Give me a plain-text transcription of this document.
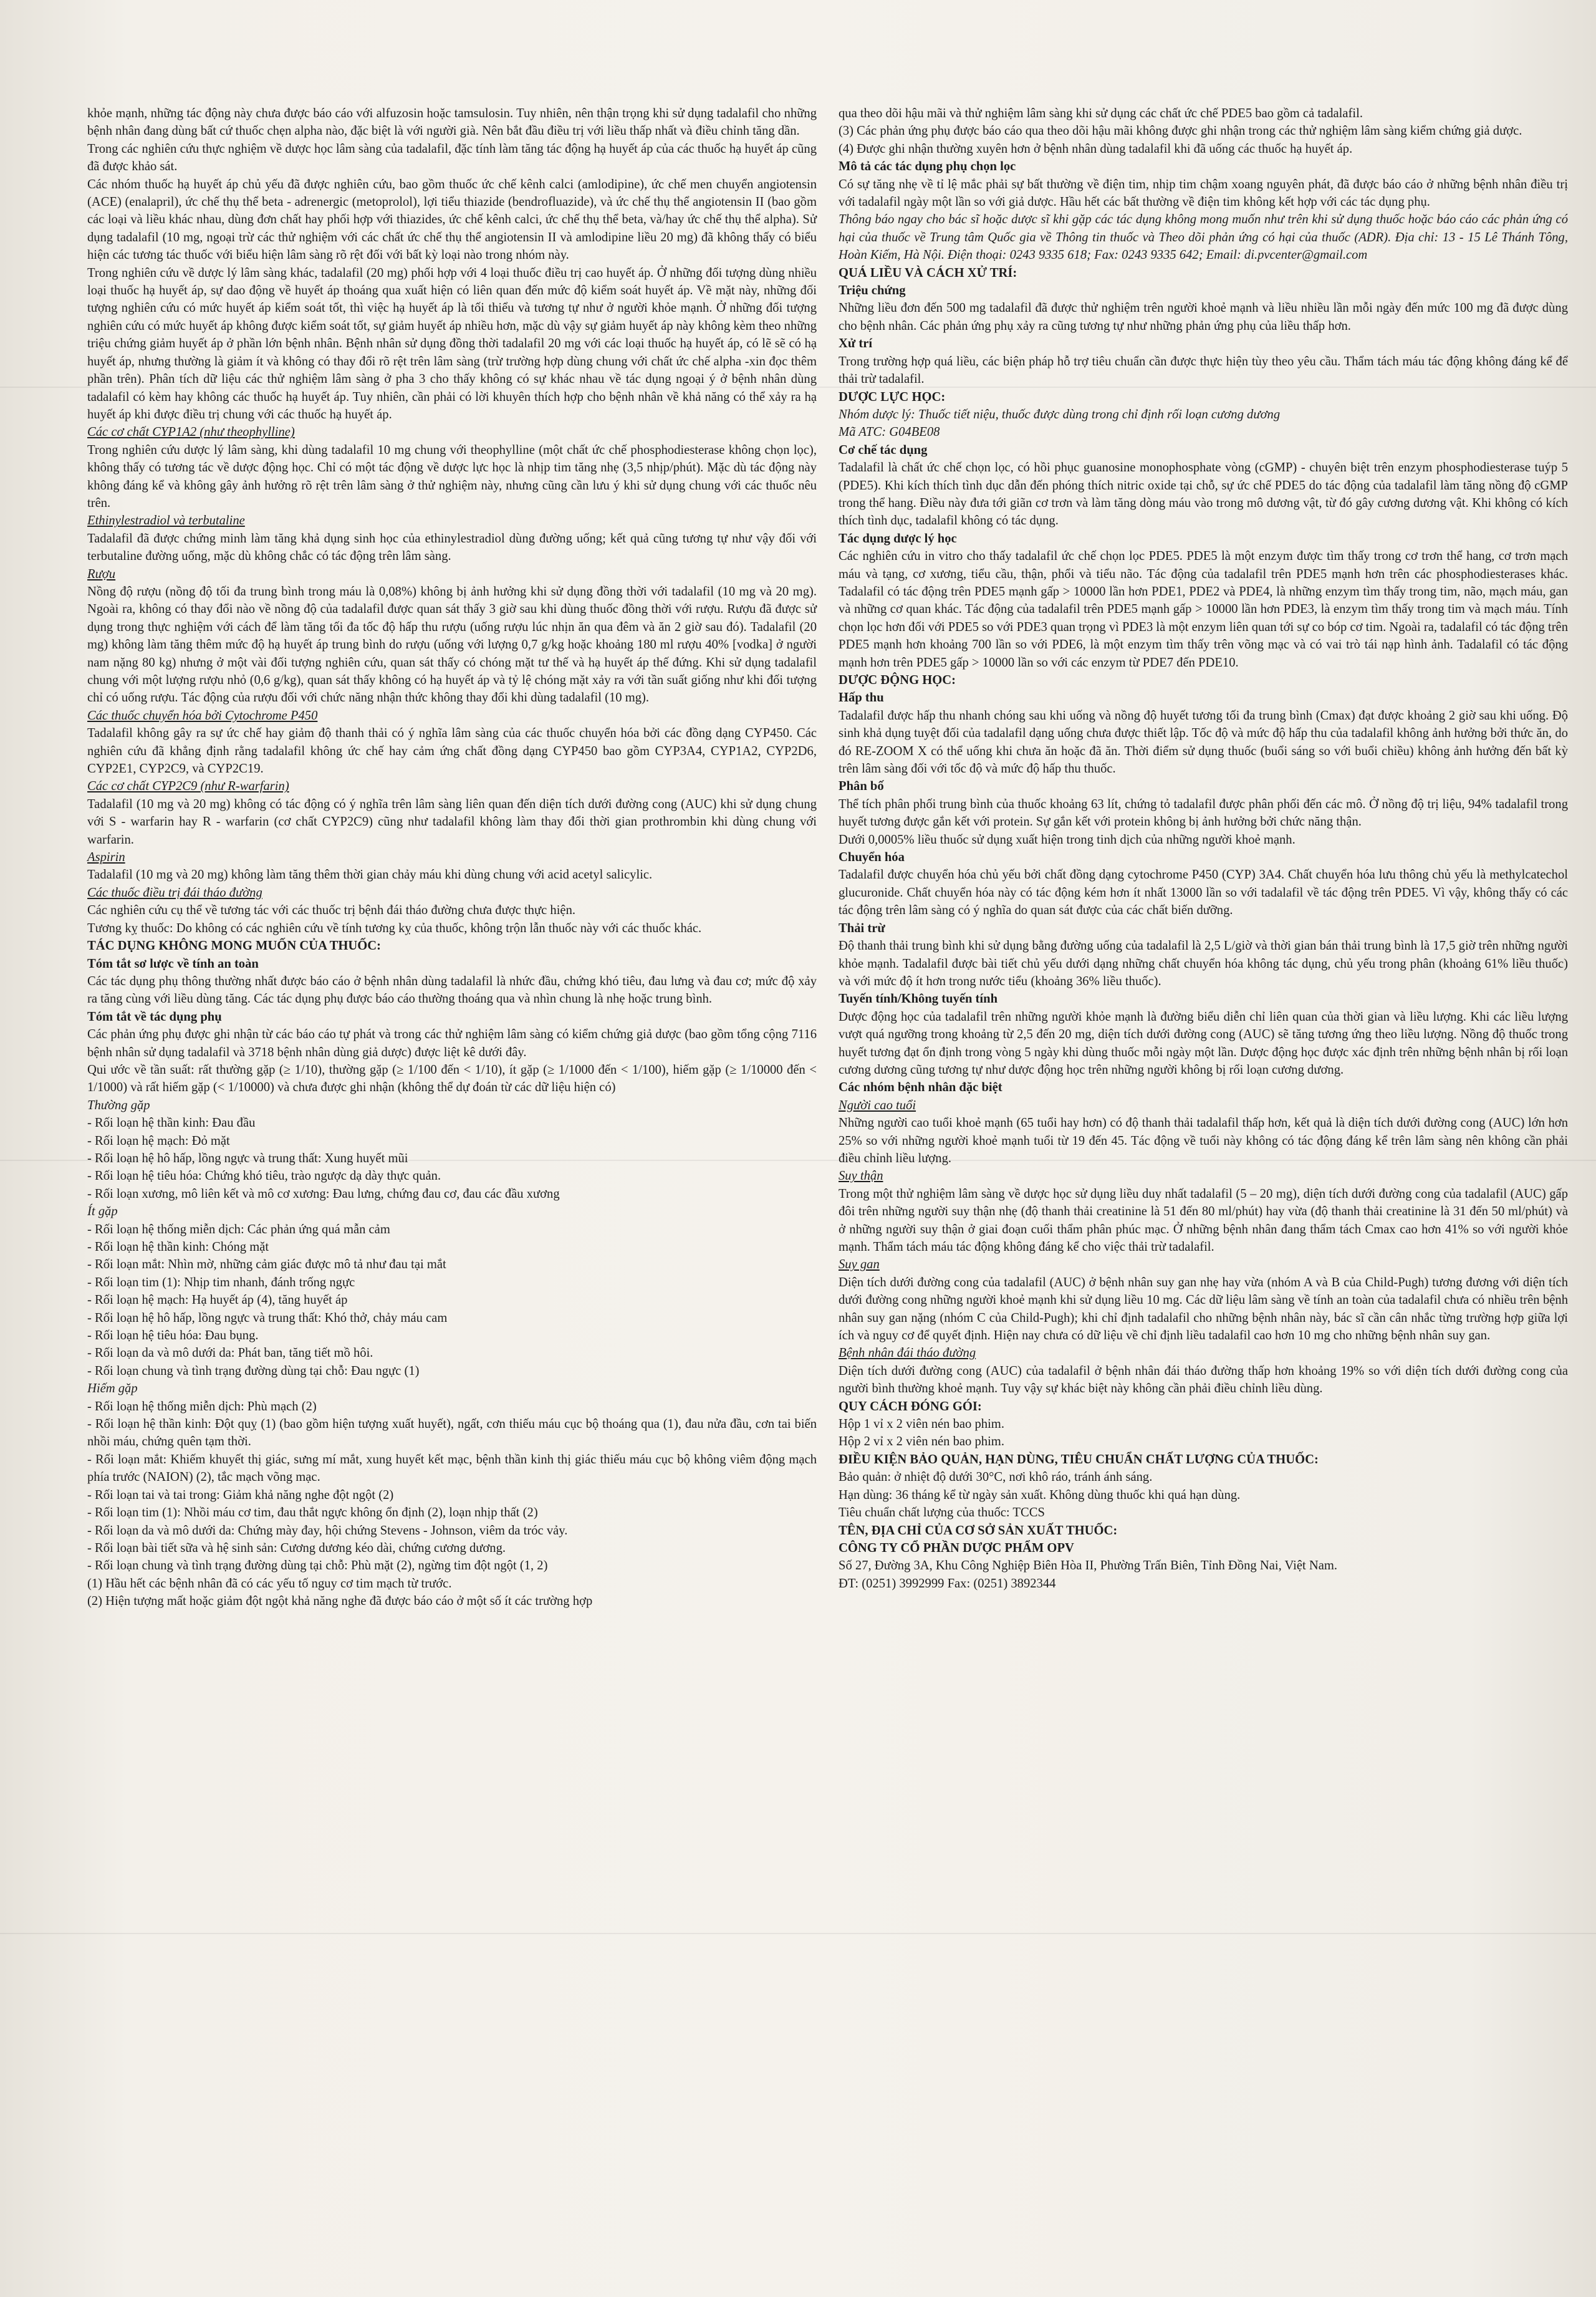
khỏe mạnh, những tác động này chưa được báo cáo với alfuzosin hoặc tamsulosin. Tuy nhiên, nên thận trọng khi sử dụng tadalafil cho những bệnh nhân đang dùng bất cứ thuốc chẹn alpha nào, đặc biệt là với người già. Nên bắt đầu điều trị với liều thấp nhất và điều chỉnh tăng dần.

Trong các nghiên cứu thực nghiệm về dược học lâm sàng của tadalafil, đặc tính làm tăng tác động hạ huyết áp của các thuốc hạ huyết áp cũng đã được khảo sát.

Các nhóm thuốc hạ huyết áp chủ yếu đã được nghiên cứu, bao gồm thuốc ức chế kênh calci (amlodipine), ức chế men chuyển angiotensin (ACE) (enalapril), ức chế thụ thể beta - adrenergic (metoprolol), lợi tiểu thiazide (bendrofluazide), và ức chế thụ thể angiotensin II (bao gồm các loại và liều khác nhau, dùng đơn chất hay phối hợp với thiazides, ức chế kênh calci, ức chế thụ thể beta, và/hay ức chế thụ thể alpha). Sử dụng tadalafil (10 mg, ngoại trừ các thử nghiệm với các chất ức chế thụ thể angiotensin II và amlodipine liều 20 mg) đã không thấy có biểu hiện các tương tác thuốc với biểu hiện lâm sàng rõ rệt đối với bất kỳ loại nào trong nhóm này.

Trong nghiên cứu về dược lý lâm sàng khác, tadalafil (20 mg) phối hợp với 4 loại thuốc điều trị cao huyết áp. Ở những đối tượng dùng nhiều loại thuốc hạ huyết áp, sự dao động về huyết áp thoáng qua xuất hiện có liên quan đến mức độ kiểm soát huyết áp. Về mặt này, những đối tượng nghiên cứu có mức huyết áp kiểm soát tốt, thì việc hạ huyết áp là tối thiểu và tương tự như ở người khỏe mạnh. Ở những đối tượng nghiên cứu có mức huyết áp không được kiểm soát tốt, sự giảm huyết áp nhiều hơn, mặc dù vậy sự giảm huyết áp này không kèm theo những triệu chứng giảm huyết áp ở phần lớn bệnh nhân. Bệnh nhân sử dụng đồng thời tadalafil 20 mg với các loại thuốc hạ huyết áp, có lẽ sẽ có hạ huyết áp, nhưng thường là giảm ít và không có thay đổi rõ rệt trên lâm sàng (trừ trường hợp dùng chung với chất ức chế alpha -xin đọc thêm phần trên). Phân tích dữ liệu các thử nghiệm lâm sàng ở pha 3 cho thấy không có sự khác nhau về tác dụng ngoại ý ở bệnh nhân dùng tadalafil có kèm hay không các thuốc hạ huyết áp. Tuy nhiên, cần phải có lời khuyên thích hợp cho bệnh nhân về khả năng có thể xảy ra hạ huyết áp khi được điều trị chung với các thuốc hạ huyết áp.

Các cơ chất CYP1A2 (như theophylline)

Trong nghiên cứu dược lý lâm sàng, khi dùng tadalafil 10 mg chung với theophylline (một chất ức chế phosphodiesterase không chọn lọc), không thấy có tương tác về dược động học. Chỉ có một tác động về dược lực học là nhịp tim tăng nhẹ (3,5 nhịp/phút). Mặc dù tác động này không đáng kể và không gây ảnh hưởng rõ rệt trên lâm sàng ở thử nghiệm này, nhưng cũng cần lưu ý khi sử dụng chung với các thuốc nêu trên.

Ethinylestradiol và terbutaline

Tadalafil đã được chứng minh làm tăng khả dụng sinh học của ethinylestradiol dùng đường uống; kết quả cũng tương tự như vậy đối với terbutaline đường uống, mặc dù không chắc có tác động trên lâm sàng.

Rượu

Nồng độ rượu (nồng độ tối đa trung bình trong máu là 0,08%) không bị ảnh hưởng khi sử dụng đồng thời với tadalafil (10 mg và 20 mg). Ngoài ra, không có thay đổi nào về nồng độ của tadalafil được quan sát thấy 3 giờ sau khi dùng thuốc đồng thời với rượu. Rượu đã được sử dụng trong thực nghiệm với cách để làm tăng tối đa tốc độ hấp thu rượu (uống rượu lúc nhịn ăn qua đêm và ăn 2 giờ sau đó). Tadalafil (20 mg) không làm tăng thêm mức độ hạ huyết áp trung bình do rượu (uống với lượng 0,7 g/kg hoặc khoảng 180 ml rượu 40% [vodka] ở người nam nặng 80 kg) nhưng ở một vài đối tượng nghiên cứu, quan sát thấy có chóng mặt tư thế và hạ huyết áp thế đứng. Khi sử dụng tadalafil chung với một lượng rượu nhỏ (0,6 g/kg), quan sát thấy không có hạ huyết áp và tỷ lệ chóng mặt xảy ra với tần suất giống như khi đối tượng chỉ có uống rượu. Tác động của rượu đối với chức năng nhận thức không thay đổi khi dùng tadalafil (10 mg).

Các thuốc chuyển hóa bởi Cytochrome P450

Tadalafil không gây ra sự ức chế hay giảm độ thanh thải có ý nghĩa lâm sàng của các thuốc chuyển hóa bởi các đồng dạng CYP450. Các nghiên cứu đã khẳng định rằng tadalafil không ức chế hay cảm ứng chất đồng dạng CYP450 bao gồm CYP3A4, CYP1A2, CYP2D6, CYP2E1, CYP2C9, và CYP2C19.

Các cơ chất CYP2C9 (như R-warfarin)

Tadalafil (10 mg và 20 mg) không có tác động có ý nghĩa trên lâm sàng liên quan đến diện tích dưới đường cong (AUC) khi sử dụng chung với S - warfarin hay R - warfarin (cơ chất CYP2C9) cũng như tadalafil không làm thay đổi thời gian prothrombin khi dùng chung với warfarin.

Aspirin

Tadalafil (10 mg và 20 mg) không làm tăng thêm thời gian chảy máu khi dùng chung với acid acetyl salicylic.

Các thuốc điều trị đái tháo đường

Các nghiên cứu cụ thể về tương tác với các thuốc trị bệnh đái tháo đường chưa được thực hiện.

Tương kỵ thuốc: Do không có các nghiên cứu về tính tương kỵ của thuốc, không trộn lẫn thuốc này với các thuốc khác.

TÁC DỤNG KHÔNG MONG MUỐN CỦA THUỐC:

Tóm tắt sơ lược về tính an toàn

Các tác dụng phụ thông thường nhất được báo cáo ở bệnh nhân dùng tadalafil là nhức đầu, chứng khó tiêu, đau lưng và đau cơ; mức độ xảy ra tăng cùng với liều dùng tăng. Các tác dụng phụ được báo cáo thường thoáng qua và nhìn chung là nhẹ hoặc trung bình.

Tóm tắt về tác dụng phụ

Các phản ứng phụ được ghi nhận từ các báo cáo tự phát và trong các thử nghiệm lâm sàng có kiểm chứng giả dược (bao gồm tổng cộng 7116 bệnh nhân sử dụng tadalafil và 3718 bệnh nhân dùng giả dược) được liệt kê dưới đây.

Qui ước về tần suất: rất thường gặp (≥ 1/10), thường gặp (≥ 1/100 đến < 1/10), ít gặp (≥ 1/1000 đến < 1/100), hiếm gặp (≥ 1/10000 đến < 1/1000) và rất hiếm gặp (< 1/10000) và chưa được ghi nhận (không thể dự đoán từ các dữ liệu hiện có)

Thường gặp

- Rối loạn hệ thần kinh: Đau đầu

- Rối loạn hệ mạch: Đỏ mặt

- Rối loạn hệ hô hấp, lồng ngực và trung thất: Xung huyết mũi

- Rối loạn hệ tiêu hóa: Chứng khó tiêu, trào ngược dạ dày thực quản.

- Rối loạn xương, mô liên kết và mô cơ xương: Đau lưng, chứng đau cơ, đau các đầu xương

Ít gặp

- Rối loạn hệ thống miễn dịch: Các phản ứng quá mẫn cảm

- Rối loạn hệ thần kinh: Chóng mặt

- Rối loạn mắt: Nhìn mờ, những cảm giác được mô tả như đau tại mắt

- Rối loạn tim (1): Nhịp tim nhanh, đánh trống ngực

- Rối loạn hệ mạch: Hạ huyết áp (4), tăng huyết áp

- Rối loạn hệ hô hấp, lồng ngực và trung thất: Khó thở, chảy máu cam

- Rối loạn hệ tiêu hóa: Đau bụng.

- Rối loạn da và mô dưới da: Phát ban, tăng tiết mồ hôi.

- Rối loạn chung và tình trạng đường dùng tại chỗ: Đau ngực (1)

Hiếm gặp

- Rối loạn hệ thống miễn dịch: Phù mạch (2)

- Rối loạn hệ thần kinh: Đột quỵ (1) (bao gồm hiện tượng xuất huyết), ngất, cơn thiếu máu cục bộ thoáng qua (1), đau nửa đầu, cơn tai biến nhồi máu, chứng quên tạm thời.

- Rối loạn mắt: Khiếm khuyết thị giác, sưng mí mắt, xung huyết kết mạc, bệnh thần kinh thị giác thiếu máu cục bộ không viêm động mạch phía trước (NAION) (2), tắc mạch võng mạc.

- Rối loạn tai và tai trong: Giảm khả năng nghe đột ngột (2)

- Rối loạn tim (1): Nhồi máu cơ tim, đau thắt ngực không ổn định (2), loạn nhịp thất (2)

- Rối loạn da và mô dưới da: Chứng mày đay, hội chứng Stevens - Johnson, viêm da tróc vảy.

- Rối loạn bài tiết sữa và hệ sinh sản: Cương dương kéo dài, chứng cương dương.

- Rối loạn chung và tình trạng đường dùng tại chỗ: Phù mặt (2), ngừng tim đột ngột (1, 2)

(1) Hầu hết các bệnh nhân đã có các yếu tố nguy cơ tim mạch từ trước.

(2) Hiện tượng mất hoặc giảm đột ngột khả năng nghe đã được báo cáo ở một số ít các trường hợp

qua theo dõi hậu mãi và thử nghiệm lâm sàng khi sử dụng các chất ức chế PDE5 bao gồm cả tadalafil.

(3) Các phản ứng phụ được báo cáo qua theo dõi hậu mãi không được ghi nhận trong các thử nghiệm lâm sàng kiểm chứng giả dược.

(4) Được ghi nhận thường xuyên hơn ở bệnh nhân dùng tadalafil khi đã uống các thuốc hạ huyết áp.

Mô tả các tác dụng phụ chọn lọc

Có sự tăng nhẹ về tỉ lệ mắc phải sự bất thường về điện tim, nhịp tim chậm xoang nguyên phát, đã được báo cáo ở những bệnh nhân điều trị với tadalafil ngày một lần so với giả dược. Hầu hết các bất thường về điện tim không kết hợp với các tác dụng phụ.

Thông báo ngay cho bác sĩ hoặc dược sĩ khi gặp các tác dụng không mong muốn như trên khi sử dụng thuốc hoặc báo cáo các phản ứng có hại của thuốc về Trung tâm Quốc gia về Thông tin thuốc và Theo dõi phản ứng có hại của thuốc (ADR). Địa chỉ: 13 - 15 Lê Thánh Tông, Hoàn Kiếm, Hà Nội. Điện thoại: 0243 9335 618; Fax: 0243 9335 642; Email: di.pvcenter@gmail.com

QUÁ LIỀU VÀ CÁCH XỬ TRÍ:

Triệu chứng

Những liều đơn đến 500 mg tadalafil đã được thử nghiệm trên người khoẻ mạnh và liều nhiều lần mỗi ngày đến mức 100 mg đã được dùng cho bệnh nhân. Các phản ứng phụ xảy ra cũng tương tự như những phản ứng phụ của liều thấp hơn.

Xử trí

Trong trường hợp quá liều, các biện pháp hỗ trợ tiêu chuẩn cần được thực hiện tùy theo yêu cầu. Thẩm tách máu tác động không đáng kể để thải trừ tadalafil.

DƯỢC LỰC HỌC:

Nhóm dược lý: Thuốc tiết niệu, thuốc được dùng trong chỉ định rối loạn cương dương

Mã ATC: G04BE08

Cơ chế tác dụng

Tadalafil là chất ức chế chọn lọc, có hồi phục guanosine monophosphate vòng (cGMP) - chuyên biệt trên enzym phosphodiesterase tuýp 5 (PDE5). Khi kích thích tình dục dẫn đến phóng thích nitric oxide tại chỗ, sự ức chế PDE5 do tác động của tadalafil làm tăng nồng độ cGMP trong thể hang. Điều này đưa tới giãn cơ trơn và làm tăng dòng máu vào trong mô dương vật, từ đó gây cương dương vật. Khi không có kích thích tình dục, tadalafil không có tác dụng.

Tác dụng dược lý học

Các nghiên cứu in vitro cho thấy tadalafil ức chế chọn lọc PDE5. PDE5 là một enzym được tìm thấy trong cơ trơn thể hang, cơ trơn mạch máu và tạng, cơ xương, tiểu cầu, thận, phổi và tiểu não. Tác động của tadalafil trên PDE5 mạnh hơn trên các phosphodiesterases khác. Tadalafil có tác động trên PDE5 mạnh gấp > 10000 lần hơn PDE1, PDE2 và PDE4, là những enzym tìm thấy trong tim, não, mạch máu, gan và những cơ quan khác. Tác động của tadalafil trên PDE5 mạnh gấp > 10000 lần hơn PDE3, là enzym tìm thấy trong tim và mạch máu. Tính chọn lọc hơn đối với PDE5 so với PDE3 quan trọng vì PDE3 là một enzym liên quan tới sự co bóp cơ tim. Ngoài ra, tadalafil có tác động trên PDE5 mạnh hơn khoảng 700 lần so với PDE6, là một enzym tìm thấy trên võng mạc và có vai trò tái nạp hình ảnh. Tadalafil có tác động mạnh hơn trên PDE5 gấp > 10000 lần so với các enzym từ PDE7 đến PDE10.

DƯỢC ĐỘNG HỌC:

Hấp thu

Tadalafil được hấp thu nhanh chóng sau khi uống và nồng độ huyết tương tối đa trung bình (Cmax) đạt được khoảng 2 giờ sau khi uống. Độ sinh khả dụng tuyệt đối của tadalafil dạng uống chưa được thiết lập. Tốc độ và mức độ hấp thu của tadalafil không ảnh hưởng bởi thức ăn, do đó RE-ZOOM X có thể uống khi chưa ăn hoặc đã ăn. Thời điểm sử dụng thuốc (buổi sáng so với buổi chiều) không ảnh hưởng đến bất kỳ trên lâm sàng đối với tốc độ và mức độ hấp thu thuốc.

Phân bố

Thể tích phân phối trung bình của thuốc khoảng 63 lít, chứng tỏ tadalafil được phân phối đến các mô. Ở nồng độ trị liệu, 94% tadalafil trong huyết tương được gắn kết với protein. Sự gắn kết với protein không bị ảnh hưởng bởi chức năng thận.

Dưới 0,0005% liều thuốc sử dụng xuất hiện trong tinh dịch của những người khoẻ mạnh.

Chuyển hóa

Tadalafil được chuyển hóa chủ yếu bởi chất đồng dạng cytochrome P450 (CYP) 3A4. Chất chuyển hóa lưu thông chủ yếu là methylcatechol glucuronide. Chất chuyển hóa này có tác động kém hơn ít nhất 13000 lần so với tadalafil về tác động trên PDE5. Vì vậy, không thấy có các tác động trên lâm sàng có ý nghĩa do quan sát được của các chất biến dưỡng.

Thải trừ

Độ thanh thải trung bình khi sử dụng bằng đường uống của tadalafil là 2,5 L/giờ và thời gian bán thải trung bình là 17,5 giờ trên những người khỏe mạnh. Tadalafil được bài tiết chủ yếu dưới dạng những chất chuyển hóa không tác dụng, chủ yếu trong phân (khoảng 61% liều thuốc) và với mức độ ít hơn trong nước tiểu (khoảng 36% liều thuốc).

Tuyến tính/Không tuyến tính

Dược động học của tadalafil trên những người khỏe mạnh là đường biểu diễn chỉ liên quan của thời gian và liều lượng. Khi các liều lượng vượt quá ngưỡng trong khoảng từ 2,5 đến 20 mg, diện tích dưới đường cong (AUC) sẽ tăng tương ứng theo liều lượng. Nồng độ thuốc trong huyết tương đạt ổn định trong vòng 5 ngày khi dùng thuốc mỗi ngày một lần. Dược động học được xác định trên những bệnh nhân bị rối loạn cương dương cũng tương tự như dược động học trên những người không bị rối loạn cương dương.

Các nhóm bệnh nhân đặc biệt

Người cao tuổi

Những người cao tuổi khoẻ mạnh (65 tuổi hay hơn) có độ thanh thải tadalafil thấp hơn, kết quả là diện tích dưới đường cong (AUC) lớn hơn 25% so với những người khoẻ mạnh tuổi từ 19 đến 45. Tác động về tuổi này không có tác động đáng kể trên lâm sàng nên không cần phải điều chỉnh liều lượng.

Suy thận

Trong một thử nghiệm lâm sàng về dược học sử dụng liều duy nhất tadalafil (5 – 20 mg), diện tích dưới đường cong của tadalafil (AUC) gấp đôi trên những người suy thận nhẹ (độ thanh thải creatinine là 51 đến 80 ml/phút) hay vừa (độ thanh thải creatinine là 31 đến 50 ml/phút) và ở những người suy thận ở giai đoạn cuối thẩm phân phúc mạc. Ở những bệnh nhân đang thẩm tách Cmax cao hơn 41% so với người khỏe mạnh. Thẩm tách máu tác động không đáng kể cho việc thải trừ tadalafil.

Suy gan

Diện tích dưới đường cong của tadalafil (AUC) ở bệnh nhân suy gan nhẹ hay vừa (nhóm A và B của Child-Pugh) tương đương với diện tích dưới đường cong những người khoẻ mạnh khi sử dụng liều 10 mg. Các dữ liệu lâm sàng về tính an toàn của tadalafil chưa có nhiều trên bệnh nhân suy gan nặng (nhóm C của Child-Pugh); khi chỉ định tadalafil cho những bệnh nhân này, bác sĩ cần cân nhắc từng trường hợp giữa lợi ích và nguy cơ để quyết định. Hiện nay chưa có dữ liệu về chỉ định liều tadalafil cao hơn 10 mg cho những bệnh nhân suy gan.

Bệnh nhân đái tháo đường

Diện tích dưới đường cong (AUC) của tadalafil ở bệnh nhân đái tháo đường thấp hơn khoảng 19% so với diện tích dưới đường cong của người bình thường khoẻ mạnh. Tuy vậy sự khác biệt này không cần phải điều chỉnh liều dùng.

QUY CÁCH ĐÓNG GÓI:

Hộp 1 vỉ x 2 viên nén bao phim.

Hộp 2 vỉ x 2 viên nén bao phim.

ĐIỀU KIỆN BẢO QUẢN, HẠN DÙNG, TIÊU CHUẨN CHẤT LƯỢNG CỦA THUỐC:

Bảo quản: ở nhiệt độ dưới 30°C, nơi khô ráo, tránh ánh sáng.

Hạn dùng: 36 tháng kể từ ngày sản xuất. Không dùng thuốc khi quá hạn dùng.

Tiêu chuẩn chất lượng của thuốc: TCCS

TÊN, ĐỊA CHỈ CỦA CƠ SỞ SẢN XUẤT THUỐC:

CÔNG TY CỔ PHẦN DƯỢC PHẨM OPV

Số 27, Đường 3A, Khu Công Nghiệp Biên Hòa II, Phường Trấn Biên, Tỉnh Đồng Nai, Việt Nam.

ĐT: (0251) 3992999 Fax: (0251) 3892344
